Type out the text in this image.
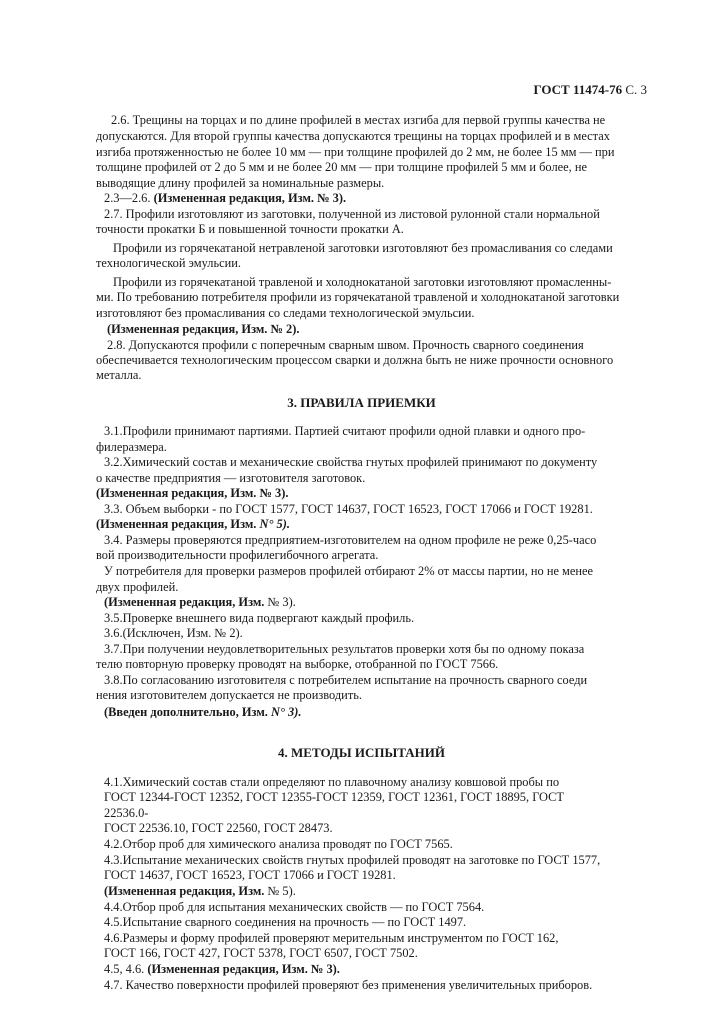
ГОСТ 11474-76 С. 3
2.6. Трещины на торцах и по длине профилей в местах изгиба для первой группы качества не
допускаются. Для второй группы качества допускаются трещины на торцах профилей и в местах
изгиба протяженностью не более 10 мм — при толщине профилей до 2 мм, не более 15 мм — при
толщине профилей от 2 до 5 мм и не более 20 мм — при толщине профилей 5 мм и более, не
выводящие длину профилей за номинальные размеры.
2.3—2.6. (Измененная редакция, Изм. № 3).
2.7. Профили изготовляют из заготовки, полученной из листовой рулонной стали нормальной
точности прокатки Б и повышенной точности прокатки А.
Профили из горячекатаной нетравленой заготовки изготовляют без промасливания со следами
технологической эмульсии.
Профили из горячекатаной травленой и холоднокатаной заготовки изготовляют промасленны-
ми. По требованию потребителя профили из горячекатаной травленой и холоднокатаной заготовки
(Измененная редакция, Изм. № 2).
2.8. Допускаются профили с поперечным сварным швом. Прочность сварного соединения
обеспечивается технологическим процессом сварки и должна быть не ниже прочности основного
металла.
3. ПРАВИЛА ПРИЕМКИ
3.1.Профили принимают партиями. Партией считают профили одной плавки и одного про-
филеразмера.
3.2.Химический состав и механические свойства гнутых профилей принимают по документу
о качестве предприятия — изготовителя заготовок.
(Измененная редакция, Изм. № 3).
3.3. Объем выборки - по ГОСТ 1577, ГОСТ 14637, ГОСТ 16523, ГОСТ 17066 и ГОСТ 19281.
(Измененная редакция, Изм. N° 5).
3.4. Размеры проверяются предприятием-изготовителем на одном профиле не реже 0,25-часо
вой производительности профилегибочного агрегата.
У потребителя для проверки размеров профилей отбирают 2% от массы партии, но не менее
двух профилей.
(Измененная редакция, Изм. № 3).
3.5.Проверке внешнего вида подвергают каждый профиль.
3.6.(Исключен, Изм. № 2).
3.7.При получении неудовлетворительных результатов проверки хотя бы по одному показа
телю повторную проверку проводят на выборке, отобранной по ГОСТ 7566.
3.8.По согласованию изготовителя с потребителем испытание на прочность сварного соеди
нения изготовителем допускается не производить.
(Введен дополнительно, Изм. N° 3).
4. МЕТОДЫ ИСПЫТАНИЙ
4.1.Химический состав стали определяют по плавочному анализу ковшовой пробы по
ГОСТ 12344-ГОСТ 12352, ГОСТ 12355-ГОСТ 12359, ГОСТ 12361, ГОСТ 18895, ГОСТ
22536.0-
ГОСТ 22536.10, ГОСТ 22560, ГОСТ 28473.
4.2.Отбор проб для химического анализа проводят по ГОСТ 7565.
4.3.Испытание механических свойств гнутых профилей проводят на заготовке по ГОСТ 1577,
ГОСТ 14637, ГОСТ 16523, ГОСТ 17066 и ГОСТ 19281.
(Измененная редакция, Изм. № 5).
4.4.Отбор проб для испытания механических свойств — по ГОСТ 7564.
4.5.Испытание сварного соединения на прочность — по ГОСТ 1497.
4.6.Размеры и форму профилей проверяют мерительным инструментом по ГОСТ 162,
ГОСТ 166, ГОСТ 427, ГОСТ 5378, ГОСТ 6507, ГОСТ 7502.
4.5, 4.6. (Измененная редакция, Изм. № 3).
4.7. Качество поверхности профилей проверяют без применения увеличительных приборов.
изготовляют без промасливания со следами технологической эмульсии.
